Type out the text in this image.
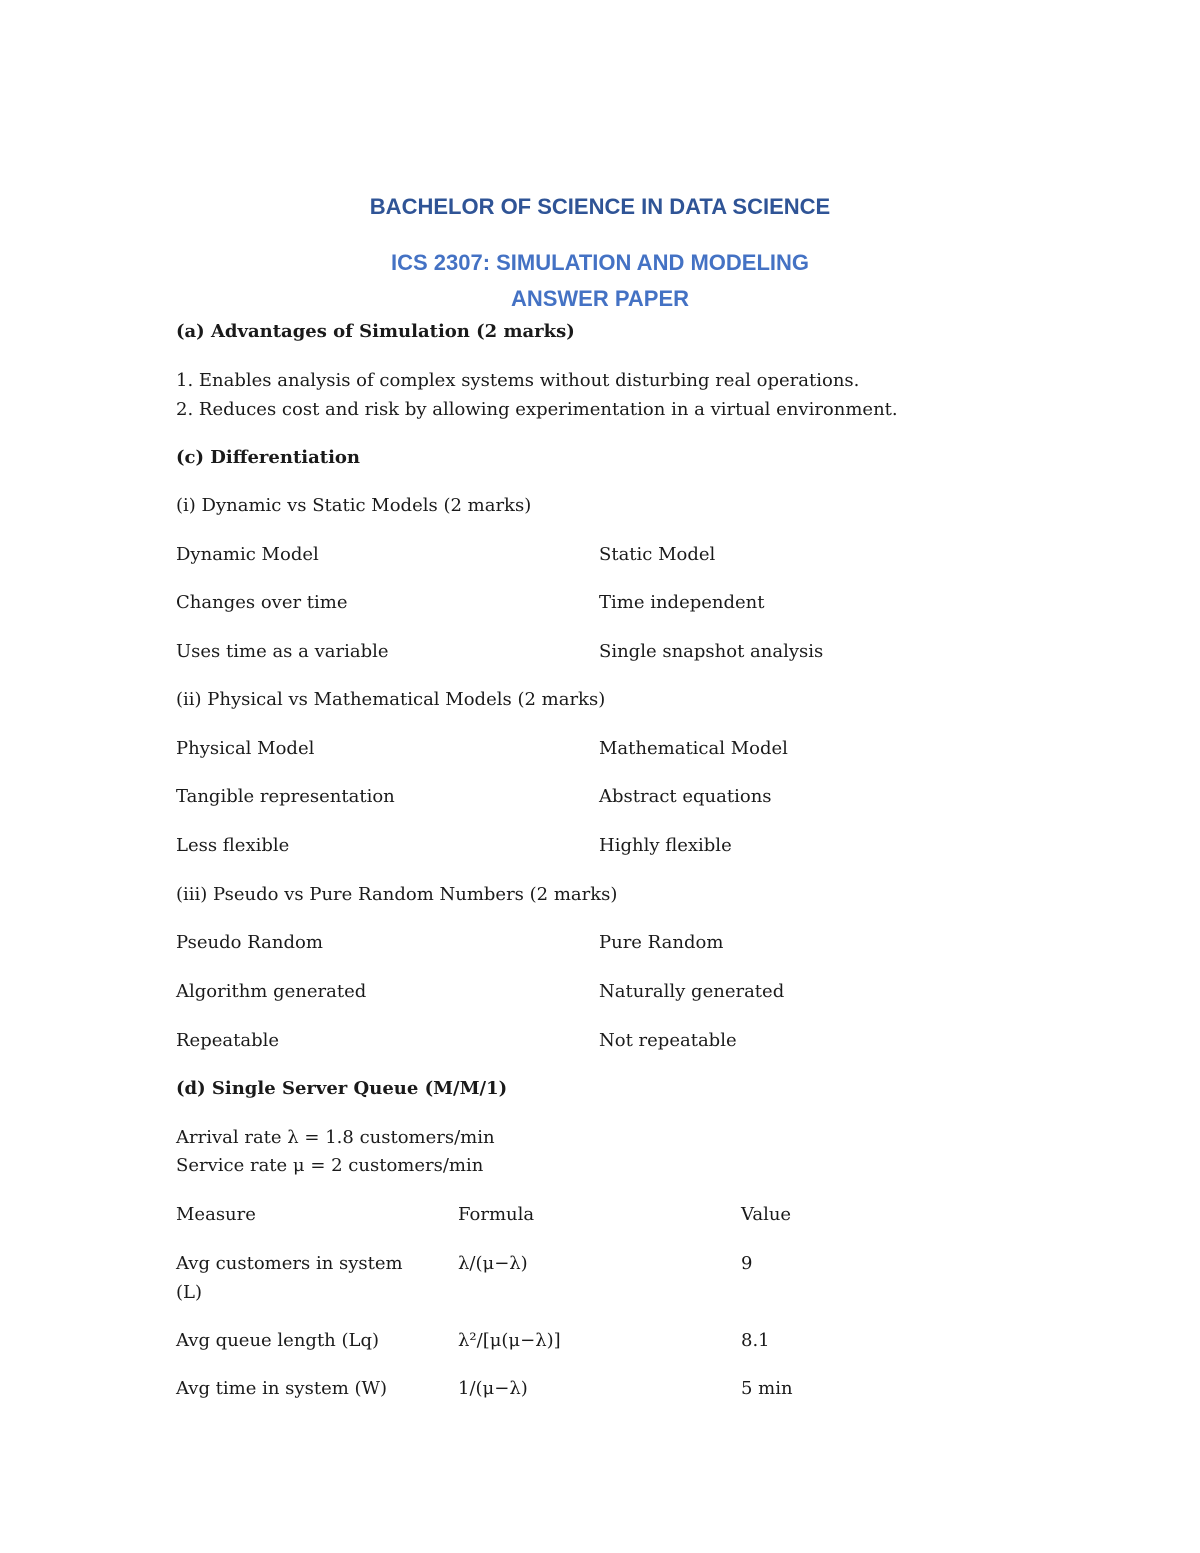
BACHELOR OF SCIENCE IN DATA SCIENCE
ICS 2307: SIMULATION AND MODELING
ANSWER PAPER
(a) Advantages of Simulation (2 marks)
1. Enables analysis of complex systems without disturbing real operations.
2. Reduces cost and risk by allowing experimentation in a virtual environment.
(c) Differentiation
(i) Dynamic vs Static Models (2 marks)
Dynamic Model	Static Model
Changes over time	Time independent
Uses time as a variable	Single snapshot analysis
(ii) Physical vs Mathematical Models (2 marks)
Physical Model	Mathematical Model
Tangible representation	Abstract equations
Less flexible	Highly flexible
(iii) Pseudo vs Pure Random Numbers (2 marks)
Pseudo Random	Pure Random
Algorithm generated	Naturally generated
Repeatable	Not repeatable
(d) Single Server Queue (M/M/1)
Arrival rate λ = 1.8 customers/min
Service rate μ = 2 customers/min
Measure	Formula	Value
Avg customers in system
(L)
λ/(μ−λ)	9
Avg queue length (Lq)	λ²/[μ(μ−λ)]	8.1
Avg time in system (W)	1/(μ−λ)	5 min
